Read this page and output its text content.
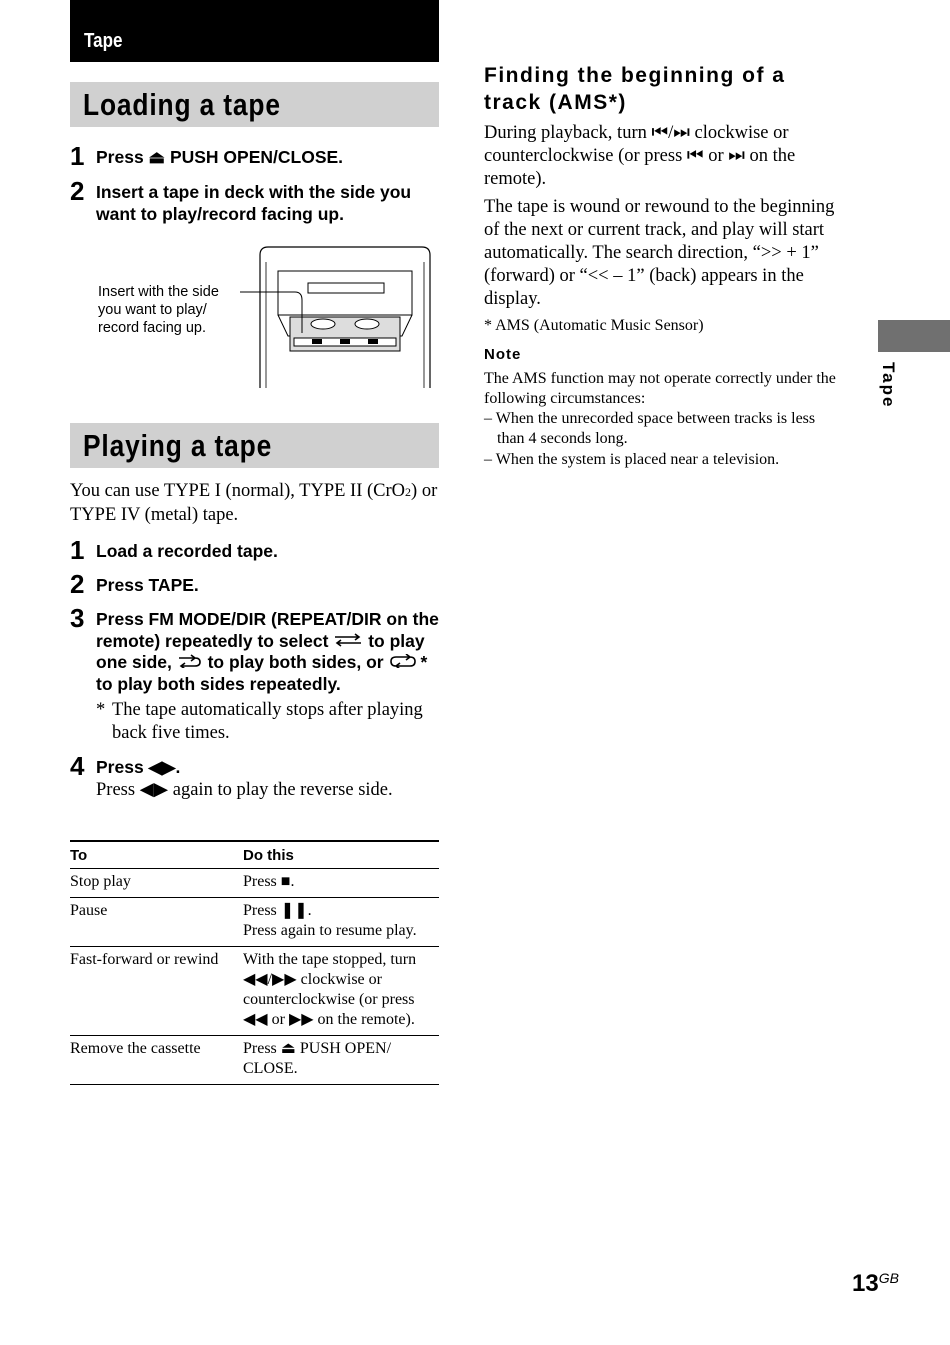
Tape
Loading a tape
1 Press ⏏ PUSH OPEN/CLOSE.
2 Insert a tape in deck with the side you want to play/record facing up.
Insert with the side
you want to play/
record facing up.
Playing a tape
You can use TYPE I (normal), TYPE II (CrO2) or TYPE IV (metal) tape.
1 Load a recorded tape.
2 Press TAPE.
3 Press FM MODE/DIR (REPEAT/DIR on the remote) repeatedly to select to play one side, to play both sides, or * to play both sides repeatedly.
* The tape automatically stops after playing back five times.
4 Press ◀▶.
Press ◀▶ again to play the reverse side.
To	Do this
Stop play	Press ■.

Pause	Press ❚❚.
Press again to resume play.

Fast-forward or rewind	With the tape stopped, turn
◀◀/▶▶ clockwise or
counterclockwise (or press
◀◀ or ▶▶ on the remote).

Remove the cassette	Press ⏏ PUSH OPEN/
CLOSE.
Finding the beginning of a
track (AMS*)
During playback, turn ⏮/⏭ clockwise or counterclockwise (or press ⏮ or ⏭ on the remote).
The tape is wound or rewound to the beginning of the next or current track, and play will start automatically. The search direction, “>> + 1” (forward) or “<< – 1” (back) appears in the display.
* AMS (Automatic Music Sensor)
Note
The AMS function may not operate correctly under the following circumstances:
– When the unrecorded space between tracks is less than 4 seconds long.
– When the system is placed near a television.
Tape
$13^{GB}$
